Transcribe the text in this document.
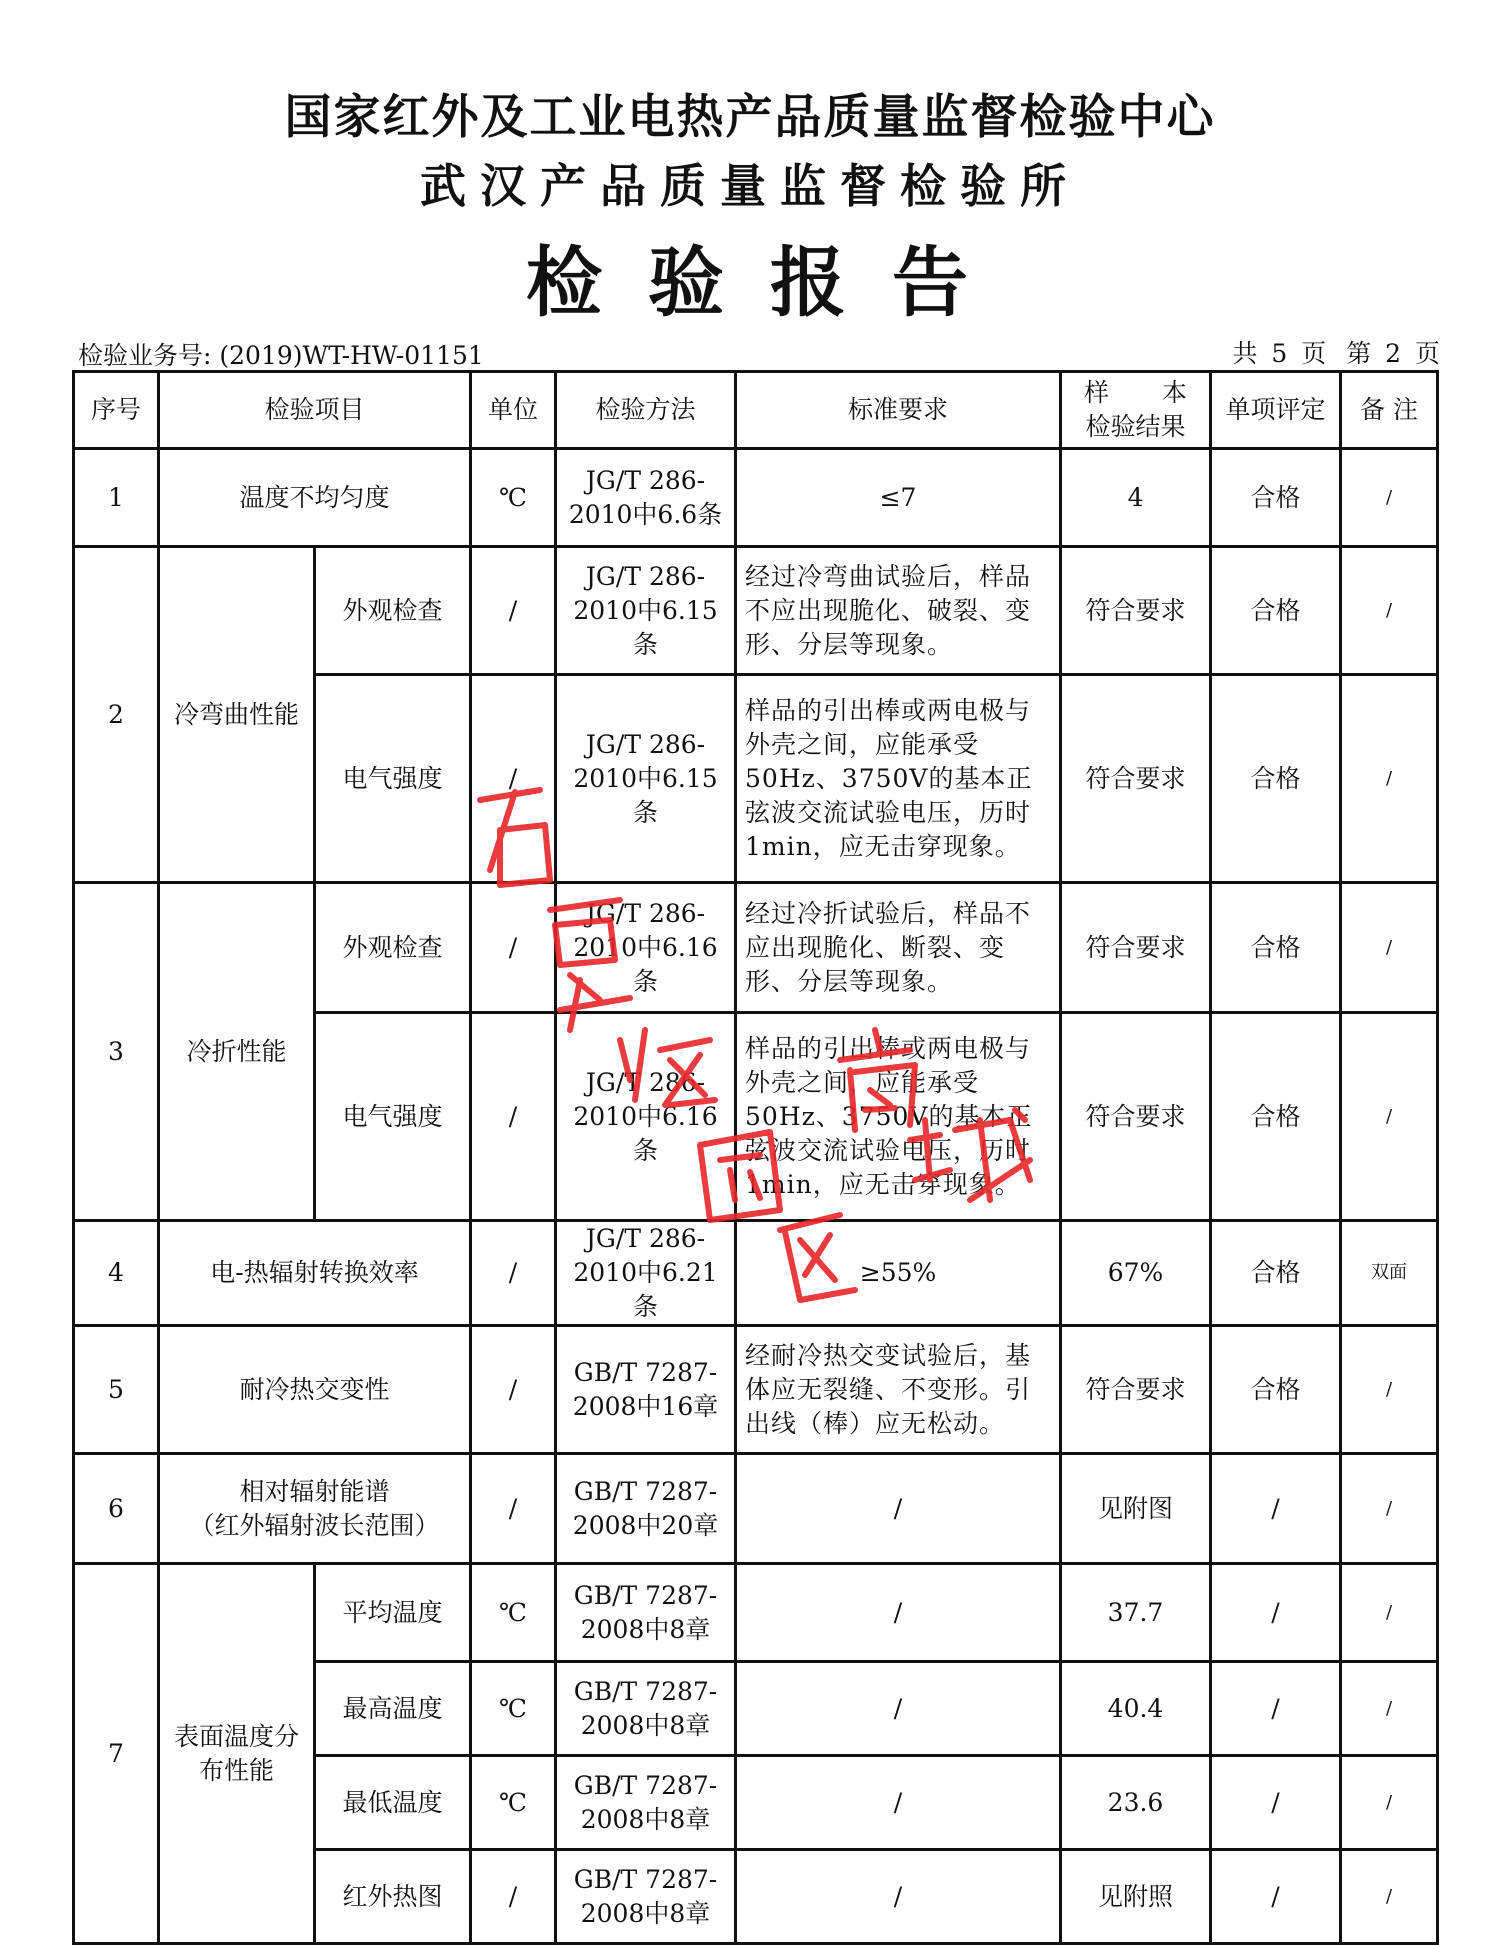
国家红外及工业电热产品质量监督检验中心
武汉产品质量监督检验所
检验报告
检验业务号: (2019)WT-HW-01151	共 5 页 第 2 页
序号	检验项目		单位	检验方法	标准要求	样 本
检验结果	单项评定	备 注
1	温度不均匀度		℃	JG/T 286-2010中6.6条	≤7	4	合格	/
2	冷弯曲性能	外观检查	/	JG/T 286-2010中6.15条	经过冷弯曲试验后，样品不应出现脆化、破裂、变形、分层等现象。	符合要求	合格	/
		电气强度	/	JG/T 286-2010中6.15条	样品的引出棒或两电极与外壳之间，应能承受50Hz、3750V的基本正弦波交流试验电压，历时1min，应无击穿现象。	符合要求	合格	/
3	冷折性能	外观检查	/	JG/T 286-2010中6.16条	经过冷折试验后，样品不应出现脆化、断裂、变形、分层等现象。	符合要求	合格	/
		电气强度	/	JG/T 286-2010中6.16条	样品的引出棒或两电极与外壳之间，应能承受50Hz、3750V的基本正弦波交流试验电压，历时1min，应无击穿现象。	符合要求	合格	/
4	电-热辐射转换效率		/	JG/T 286-2010中6.21条	≥55%	67%	合格	双面
5	耐冷热交变性		/	GB/T 7287-2008中16章	经耐冷热交变试验后，基体应无裂缝、不变形。引出线（棒）应无松动。	符合要求	合格	/
6	相对辐射能谱
（红外辐射波长范围）		/	GB/T 7287-2008中20章	/	见附图	/	/
7	表面温度分布性能	平均温度	℃	GB/T 7287-2008中8章	/	37.7	/	/
		最高温度	℃	GB/T 7287-2008中8章	/	40.4	/	/
		最低温度	℃	GB/T 7287-2008中8章	/	23.6	/	/
		红外热图	/	GB/T 7287-2008中8章	/	见附照	/	/
